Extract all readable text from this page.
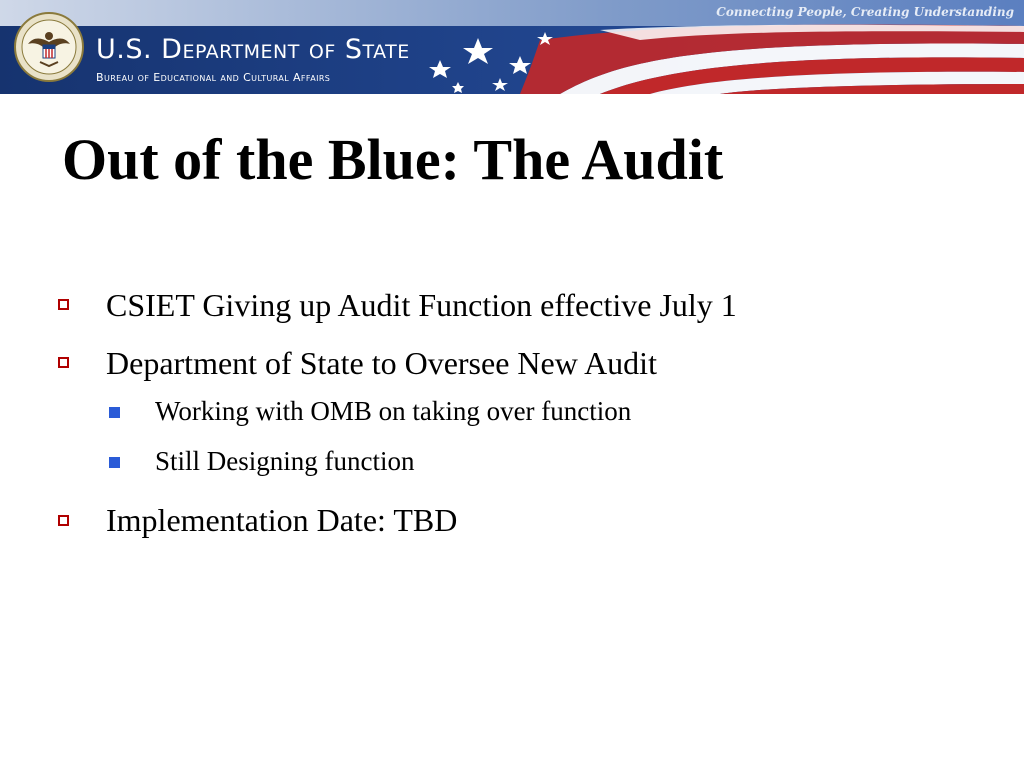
Connecting People, Creating Understanding
U.S. Department of State
Bureau of Educational and Cultural Affairs
Out of the Blue: The Audit
CSIET Giving up Audit Function effective July 1
Department of State to Oversee New Audit
Working with OMB on taking over function
Still Designing function
Implementation Date: TBD
